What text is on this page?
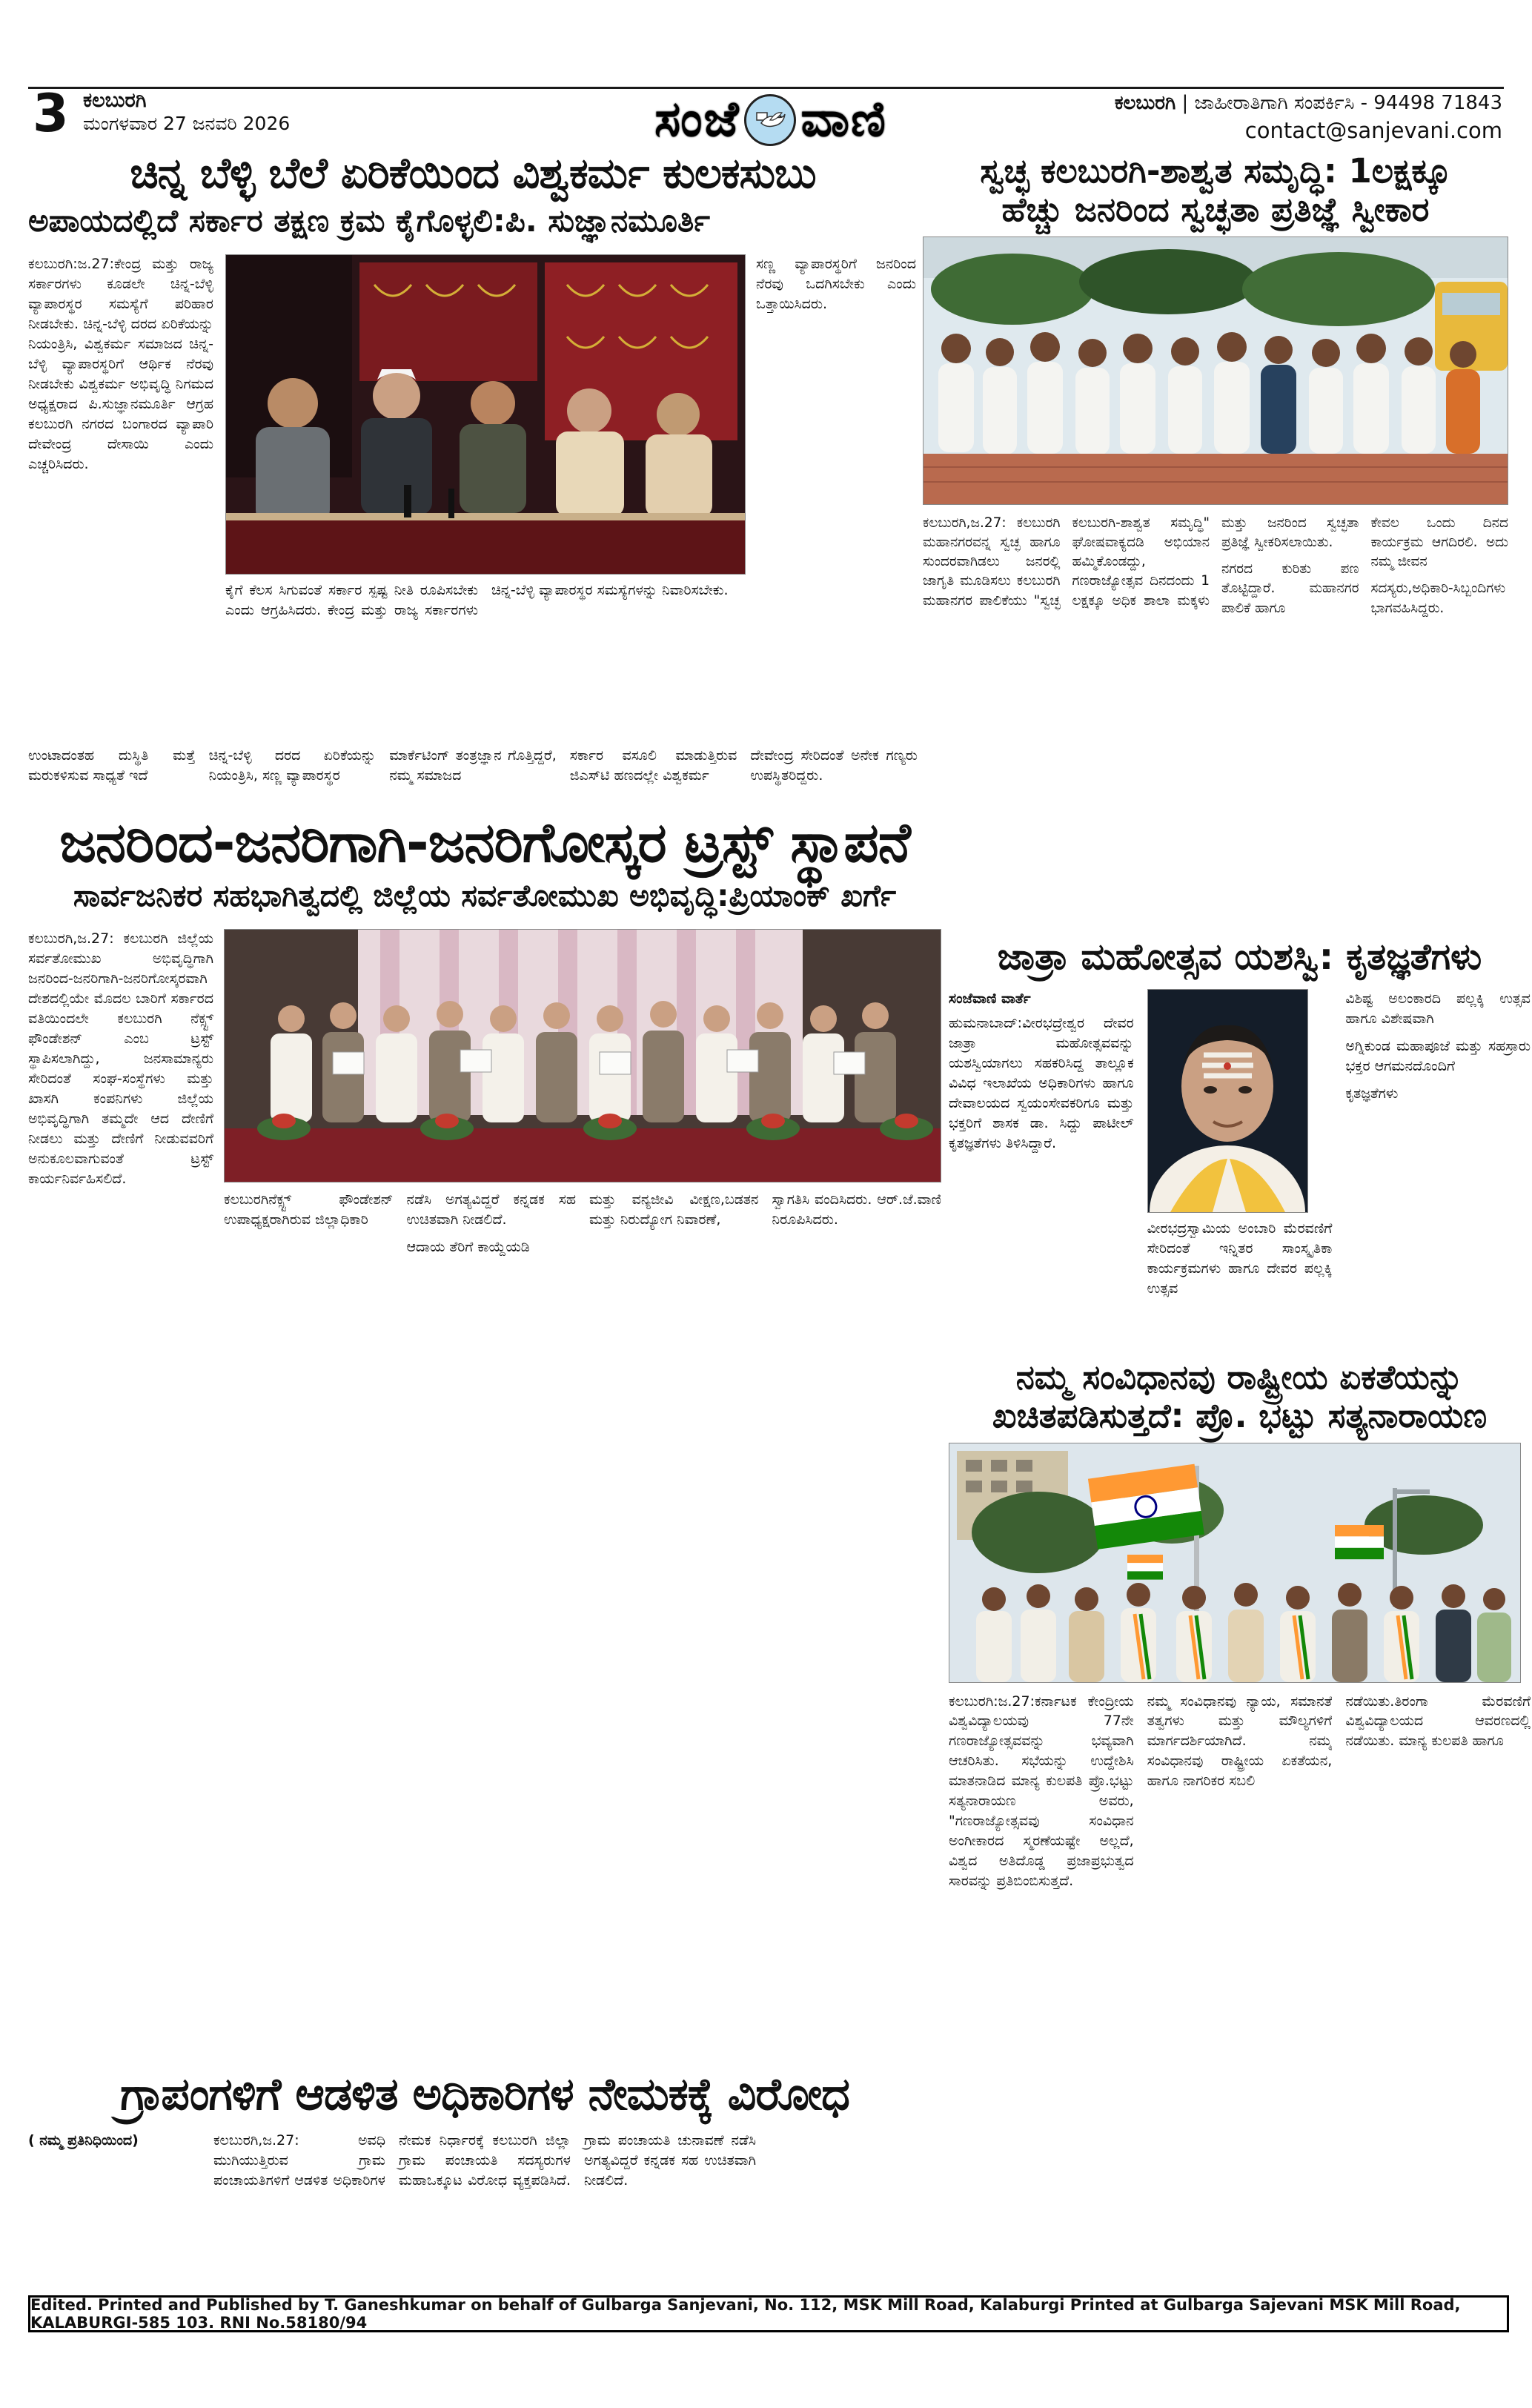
3 ಕಲಬುರಗಿ
ಮಂಗಳವಾರ 27 ಜನವರಿ 2026	ಸಂಜೆ ವಾಣಿ	ಕಲಬುರಗಿ | ಜಾಹೀರಾತಿಗಾಗಿ ಸಂಪರ್ಕಿಸಿ - 94498 71843
contact@sanjevani.com
ಚಿನ್ನ ಬೆಳ್ಳಿ ಬೆಲೆ ಏರಿಕೆಯಿಂದ ವಿಶ್ವಕರ್ಮ ಕುಲಕಸುಬು
ಅಪಾಯದಲ್ಲಿದೆ ಸರ್ಕಾರ ತಕ್ಷಣ ಕ್ರಮ ಕೈಗೊಳ್ಳಲಿ:ಪಿ. ಸುಜ್ಞಾನಮೂರ್ತಿ
ಕಲಬುರಗಿ:ಜ.27:ಕೇಂದ್ರ ಮತ್ತು ರಾಜ್ಯ ಸರ್ಕಾರಗಳು ಕೂಡಲೇ ಚಿನ್ನ-ಬೆಳ್ಳಿ ವ್ಯಾಪಾರಸ್ಥರ ಸಮಸ್ಯೆಗೆ ಪರಿಹಾರ ನೀಡಬೇಕು. ಚಿನ್ನ-ಬೆಳ್ಳಿ ದರದ ಏರಿಕೆಯನ್ನು ನಿಯಂತ್ರಿಸಿ, ವಿಶ್ವಕರ್ಮ ಸಮಾಜದ ಚಿನ್ನ-ಬೆಳ್ಳಿ ವ್ಯಾಪಾರಸ್ಥರಿಗೆ ಆರ್ಥಿಕ ನೆರವು ನೀಡಬೇಕು ವಿಶ್ವಕರ್ಮ ಅಭಿವೃದ್ಧಿ ನಿಗಮದ ಅಧ್ಯಕ್ಷರಾದ ಪಿ.ಸುಜ್ಞಾನಮೂರ್ತಿ ಆಗ್ರಹ ಕಲಬುರಗಿ ನಗರದ ಬಂಗಾರದ ವ್ಯಾಪಾರಿ ದೇವೇಂದ್ರ ದೇಸಾಯಿ ಎಂದು ಎಚ್ಚರಿಸಿದರು.
ಕೈಗೆ ಕೆಲಸ ಸಿಗುವಂತೆ ಸರ್ಕಾರ ಸ್ಪಷ್ಟ ನೀತಿ ರೂಪಿಸಬೇಕು ಎಂದು ಆಗ್ರಹಿಸಿದರು. ಕೇಂದ್ರ ಮತ್ತು ರಾಜ್ಯ ಸರ್ಕಾರಗಳು ಚಿನ್ನ-ಬೆಳ್ಳಿ ವ್ಯಾಪಾರಸ್ಥರ ಸಮಸ್ಯೆಗಳನ್ನು ನಿವಾರಿಸಬೇಕು.
ಸಣ್ಣ ವ್ಯಾಪಾರಸ್ಥರಿಗೆ ಜನರಿಂದ ನೆರವು ಒದಗಿಸಬೇಕು ಎಂದು ಒತ್ತಾಯಿಸಿದರು.

ಉಂಟಾದಂತಹ ದುಸ್ಥಿತಿ ಮತ್ತೆ ಮರುಕಳಿಸುವ ಸಾಧ್ಯತೆ ಇದೆ

ಚಿನ್ನ-ಬೆಳ್ಳಿ ದರದ ಏರಿಕೆಯನ್ನು ನಿಯಂತ್ರಿಸಿ, ಸಣ್ಣ ವ್ಯಾಪಾರಸ್ಥರ

ಮಾರ್ಕೆಟಿಂಗ್ ತಂತ್ರಜ್ಞಾನ ಗೊತ್ತಿದ್ದರೆ, ನಮ್ಮ ಸಮಾಜದ

ಸರ್ಕಾರ ವಸೂಲಿ ಮಾಡುತ್ತಿರುವ ಜಿಎಸ್‌ಟಿ ಹಣದಲ್ಲೇ ವಿಶ್ವಕರ್ಮ

ದೇವೇಂದ್ರ ಸೇರಿದಂತೆ ಅನೇಕ ಗಣ್ಯರು ಉಪಸ್ಥಿತರಿದ್ದರು.

ಸ್ವಚ್ಛ ಕಲಬುರಗಿ-ಶಾಶ್ವತ ಸಮೃದ್ಧಿ: 1ಲಕ್ಷಕ್ಕೂ
ಹೆಚ್ಚು ಜನರಿಂದ ಸ್ವಚ್ಛತಾ ಪ್ರತಿಜ್ಞೆ ಸ್ವೀಕಾರ

ಕಲಬುರಗಿ,ಜ.27: ಕಲಬುರಗಿ ಮಹಾನಗರವನ್ನ ಸ್ವಚ್ಛ ಹಾಗೂ ಸುಂದರವಾಗಿಡಲು ಜನರಲ್ಲಿ ಜಾಗೃತಿ ಮೂಡಿಸಲು ಕಲಬುರಗಿ ಮಹಾನಗರ ಪಾಲಿಕೆಯು "ಸ್ವಚ್ಛ ಕಲಬುರಗಿ-ಶಾಶ್ವತ ಸಮೃದ್ಧಿ" ಘೋಷವಾಕ್ಯದಡಿ ಅಭಿಯಾನ ಹಮ್ಮಿಕೊಂಡದ್ದು, ಗಣರಾಜ್ಯೋತ್ಸವ ದಿನದಂದು 1 ಲಕ್ಷಕ್ಕೂ ಅಧಿಕ ಶಾಲಾ ಮಕ್ಕಳು ಮತ್ತು ಜನರಿಂದ ಸ್ವಚ್ಛತಾ ಪ್ರತಿಜ್ಞೆ ಸ್ವೀಕರಿಸಲಾಯಿತು.

ನಗರದ ಕುರಿತು ಪಣ ತೊಟ್ಟಿದ್ದಾರೆ. ಮಹಾನಗರ ಪಾಲಿಕೆ ಹಾಗೂ

ಕೇವಲ ಒಂದು ದಿನದ ಕಾರ್ಯಕ್ರಮ ಆಗದಿರಲಿ. ಅದು ನಮ್ಮ ಜೀವನ

ಸದಸ್ಯರು,ಅಧಿಕಾರಿ-ಸಿಬ್ಬಂದಿಗಳು ಭಾಗವಹಿಸಿದ್ದರು.

ಜನರಿಂದ-ಜನರಿಗಾಗಿ-ಜನರಿಗೋಸ್ಕರ ಟ್ರಸ್ಟ್ ಸ್ಥಾಪನೆ
ಸಾರ್ವಜನಿಕರ ಸಹಭಾಗಿತ್ವದಲ್ಲಿ ಜಿಲ್ಲೆಯ ಸರ್ವತೋಮುಖ ಅಭಿವೃದ್ಧಿ:ಪ್ರಿಯಾಂಕ್ ಖರ್ಗೆ
ಕಲಬುರಗಿ,ಜ.27: ಕಲಬುರಗಿ ಜಿಲ್ಲೆಯ ಸರ್ವತೋಮುಖ ಅಭಿವೃದ್ಧಿಗಾಗಿ ಜನರಿಂದ-ಜನರಿಗಾಗಿ-ಜನರಿಗೋಸ್ಕರವಾಗಿ ದೇಶದಲ್ಲಿಯೇ ಮೊದಲ ಬಾರಿಗೆ ಸರ್ಕಾರದ ವತಿಯಿಂದಲೇ ಕಲಬುರಗಿ ನೆಕ್ಸ್ಟ್ ಫೌಂಡೇಶನ್ ಎಂಬ ಟ್ರಸ್ಟ್ ಸ್ಥಾಪಿಸಲಾಗಿದ್ದು, ಜನಸಾಮಾನ್ಯರು ಸೇರಿದಂತೆ ಸಂಘ-ಸಂಸ್ಥೆಗಳು ಮತ್ತು ಖಾಸಗಿ ಕಂಪನಿಗಳು ಜಿಲ್ಲೆಯ ಅಭಿವೃದ್ಧಿಗಾಗಿ ತಮ್ಮದೇ ಆದ ದೇಣಿಗೆ ನೀಡಲು ಮತ್ತು ದೇಣಿಗೆ ನೀಡುವವರಿಗೆ ಅನುಕೂಲವಾಗುವಂತೆ ಟ್ರಸ್ಟ್ ಕಾರ್ಯನಿರ್ವಹಿಸಲಿದೆ.

ಕಲಬುರಗಿನೆಕ್ಸ್ಟ್ ಫೌಂಡೇಶನ್ ಉಪಾಧ್ಯಕ್ಷರಾಗಿರುವ ಜಿಲ್ಲಾಧಿಕಾರಿ

ನಡೆಸಿ ಅಗತ್ಯವಿದ್ದರೆ ಕನ್ನಡಕ ಸಹ ಉಚಿತವಾಗಿ ನೀಡಲಿದೆ.

ಆದಾಯ ತೆರಿಗೆ ಕಾಯ್ದೆಯಡಿ

ಮತ್ತು ವನ್ಯಜೀವಿ ವೀಕ್ಷಣ,ಬಡತನ ಮತ್ತು ನಿರುದ್ಯೋಗ ನಿವಾರಣೆ,

ಸ್ವಾಗತಿಸಿ ವಂದಿಸಿದರು. ಆರ್.ಜೆ.ವಾಣಿ ನಿರೂಪಿಸಿದರು.

ಜಾತ್ರಾ ಮಹೋತ್ಸವ ಯಶಸ್ವಿ: ಕೃತಜ್ಞತೆಗಳು
ಸಂಜೆವಾಣಿ ವಾರ್ತೆ
ಹುಮನಾಬಾದ್:ವೀರಭದ್ರೇಶ್ವರ ದೇವರ ಜಾತ್ರಾ ಮಹೋತ್ಸವವನ್ನು ಯಶಸ್ವಿಯಾಗಲು ಸಹಕರಿಸಿದ್ದ ತಾಲ್ಲೂಕ ವಿವಿಧ ಇಲಾಖೆಯ ಅಧಿಕಾರಿಗಳು ಹಾಗೂ ದೇವಾಲಯದ ಸ್ವಯಂಸೇವಕರಿಗೂ ಮತ್ತು ಭಕ್ತರಿಗೆ ಶಾಸಕ ಡಾ. ಸಿದ್ದು ಪಾಟೀಲ್ ಕೃತಜ್ಞತೆಗಳು ತಿಳಿಸಿದ್ದಾರೆ.
ವೀರಭದ್ರಸ್ವಾಮಿಯ ಅಂಬಾರಿ ಮೆರವಣಿಗೆ ಸೇರಿದಂತೆ ಇನ್ನಿತರ ಸಾಂಸ್ಕೃತಿಕಾ ಕಾರ್ಯಕ್ರಮಗಳು ಹಾಗೂ ದೇವರ ಪಲ್ಲಕ್ಕಿ ಉತ್ಸವ

ವಿಶಿಷ್ಟ ಅಲಂಕಾರದಿ ಪಲ್ಲಕ್ಕಿ ಉತ್ಸವ ಹಾಗೂ ವಿಶೇಷವಾಗಿ

ಅಗ್ನಿಕುಂಡ ಮಹಾಪೂಜೆ ಮತ್ತು ಸಹಸ್ರಾರು ಭಕ್ತರ ಆಗಮನದೊಂದಿಗೆ

ಕೃತಜ್ಞತೆಗಳು

ನಮ್ಮ ಸಂವಿಧಾನವು ರಾಷ್ಟ್ರೀಯ ಏಕತೆಯನ್ನು
ಖಚಿತಪಡಿಸುತ್ತದೆ: ಪ್ರೊ. ಭಟ್ಟು ಸತ್ಯನಾರಾಯಣ
ಕಲಬುರಗಿ:ಜ.27:ಕರ್ನಾಟಕ ಕೇಂದ್ರೀಯ ವಿಶ್ವವಿದ್ಯಾಲಯವು 77ನೇ ಗಣರಾಜ್ಯೋತ್ಸವವನ್ನು ಭವ್ಯವಾಗಿ ಆಚರಿಸಿತು. ಸಭೆಯನ್ನು ಉದ್ದೇಶಿಸಿ ಮಾತನಾಡಿದ ಮಾನ್ಯ ಕುಲಪತಿ ಪ್ರೊ.ಭಟ್ಟು ಸತ್ಯನಾರಾಯಣ ಅವರು, "ಗಣರಾಜ್ಯೋತ್ಸವವು ಸಂವಿಧಾನ ಅಂಗೀಕಾರದ ಸ್ಮರಣೆಯಷ್ಟೇ ಅಲ್ಲದೆ, ವಿಶ್ವದ ಅತಿದೊಡ್ಡ ಪ್ರಜಾಪ್ರಭುತ್ವದ ಸಾರವನ್ನು ಪ್ರತಿಬಿಂಬಿಸುತ್ತದೆ.
ನಮ್ಮ ಸಂವಿಧಾನವು ನ್ಯಾಯ, ಸಮಾನತೆ ತತ್ವಗಳು ಮತ್ತು ಮೌಲ್ಯಗಳಿಗೆ ಮಾರ್ಗದರ್ಶಿಯಾಗಿದೆ. ನಮ್ಮ ಸಂವಿಧಾನವು ರಾಷ್ಟ್ರೀಯ ಏಕತೆಯನ, ಹಾಗೂ ನಾಗರಿಕರ ಸಬಲಿ
ನಡೆಯಿತು.ತಿರಂಗಾ ಮೆರವಣಿಗೆ ವಿಶ್ವವಿದ್ಯಾಲಯದ ಆವರಣದಲ್ಲಿ ನಡೆಯಿತು. ಮಾನ್ಯ ಕುಲಪತಿ ಹಾಗೂ
ಗ್ರಾಪಂಗಳಿಗೆ ಆಡಳಿತ ಅಧಿಕಾರಿಗಳ ನೇಮಕಕ್ಕೆ ವಿರೋಧ

( ನಮ್ಮ ಪ್ರತಿನಿಧಿಯಿಂದ)	ಕಲಬುರಗಿ,ಜ.27: ಅವಧಿ ಮುಗಿಯುತ್ತಿರುವ ಗ್ರಾಮ ಪಂಚಾಯತಿಗಳಿಗೆ ಆಡಳಿತ ಅಧಿಕಾರಿಗಳ ನೇಮಕ ನಿರ್ಧಾರಕ್ಕೆ ಕಲಬುರಗಿ ಜಿಲ್ಲಾ ಗ್ರಾಮ ಪಂಚಾಯತಿ ಸದಸ್ಯರುಗಳ ಮಹಾಒಕ್ಕೂಟ ವಿರೋಧ ವ್ಯಕ್ತಪಡಿಸಿದೆ. ಗ್ರಾಮ ಪಂಚಾಯತಿ ಚುನಾವಣೆ ನಡೆಸಿ ಅಗತ್ಯವಿದ್ದರೆ ಕನ್ನಡಕ ಸಹ ಉಚಿತವಾಗಿ ನೀಡಲಿದೆ.

Edited. Printed and Published by T. Ganeshkumar on behalf of Gulbarga Sanjevani, No. 112, MSK Mill Road, Kalaburgi Printed at Gulbarga Sajevani MSK Mill Road, KALABURGI-585 103. RNI No.58180/94
